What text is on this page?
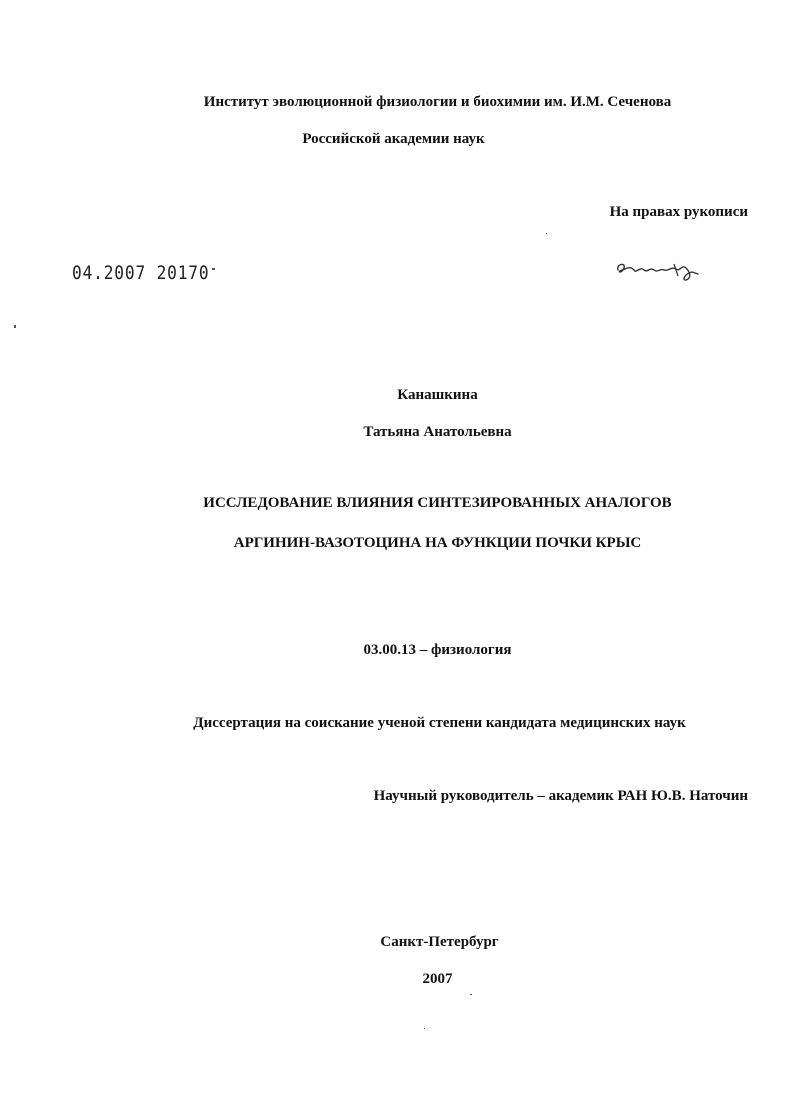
Институт эволюционной физиологии и биохимии им. И.М. Сеченова
Российской академии наук
На правах рукописи
04.2007 20170
Канашкина
Татьяна Анатольевна
ИССЛЕДОВАНИЕ ВЛИЯНИЯ СИНТЕЗИРОВАННЫХ АНАЛОГОВ
АРГИНИН-ВАЗОТОЦИНА НА ФУНКЦИИ ПОЧКИ КРЫС
03.00.13 – физиология
Диссертация на соискание ученой степени кандидата медицинских наук
Научный руководитель – академик РАН Ю.В. Наточин
Санкт-Петербург
2007
